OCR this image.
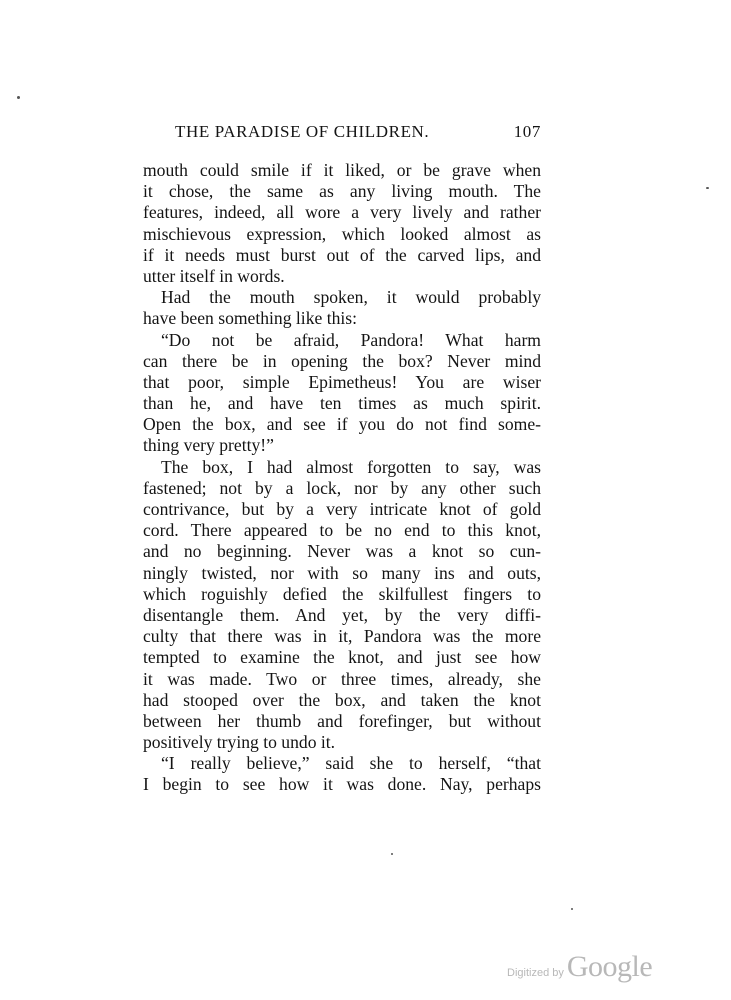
THE PARADISE OF CHILDREN.	107
mouth could smile if it liked, or be grave when
it chose, the same as any living mouth. The
features, indeed, all wore a very lively and rather
mischievous expression, which looked almost as
if it needs must burst out of the carved lips, and
utter itself in words.
Had the mouth spoken, it would probably
have been something like this:
“Do not be afraid, Pandora! What harm
can there be in opening the box? Never mind
that poor, simple Epimetheus! You are wiser
than he, and have ten times as much spirit.
Open the box, and see if you do not find some-
thing very pretty!”
The box, I had almost forgotten to say, was
fastened; not by a lock, nor by any other such
contrivance, but by a very intricate knot of gold
cord. There appeared to be no end to this knot,
and no beginning. Never was a knot so cun-
ningly twisted, nor with so many ins and outs,
which roguishly defied the skilfullest fingers to
disentangle them. And yet, by the very diffi-
culty that there was in it, Pandora was the more
tempted to examine the knot, and just see how
it was made. Two or three times, already, she
had stooped over the box, and taken the knot
between her thumb and forefinger, but without
positively trying to undo it.
“I really believe,” said she to herself, “that
I begin to see how it was done. Nay, perhaps
Digitized by Google
